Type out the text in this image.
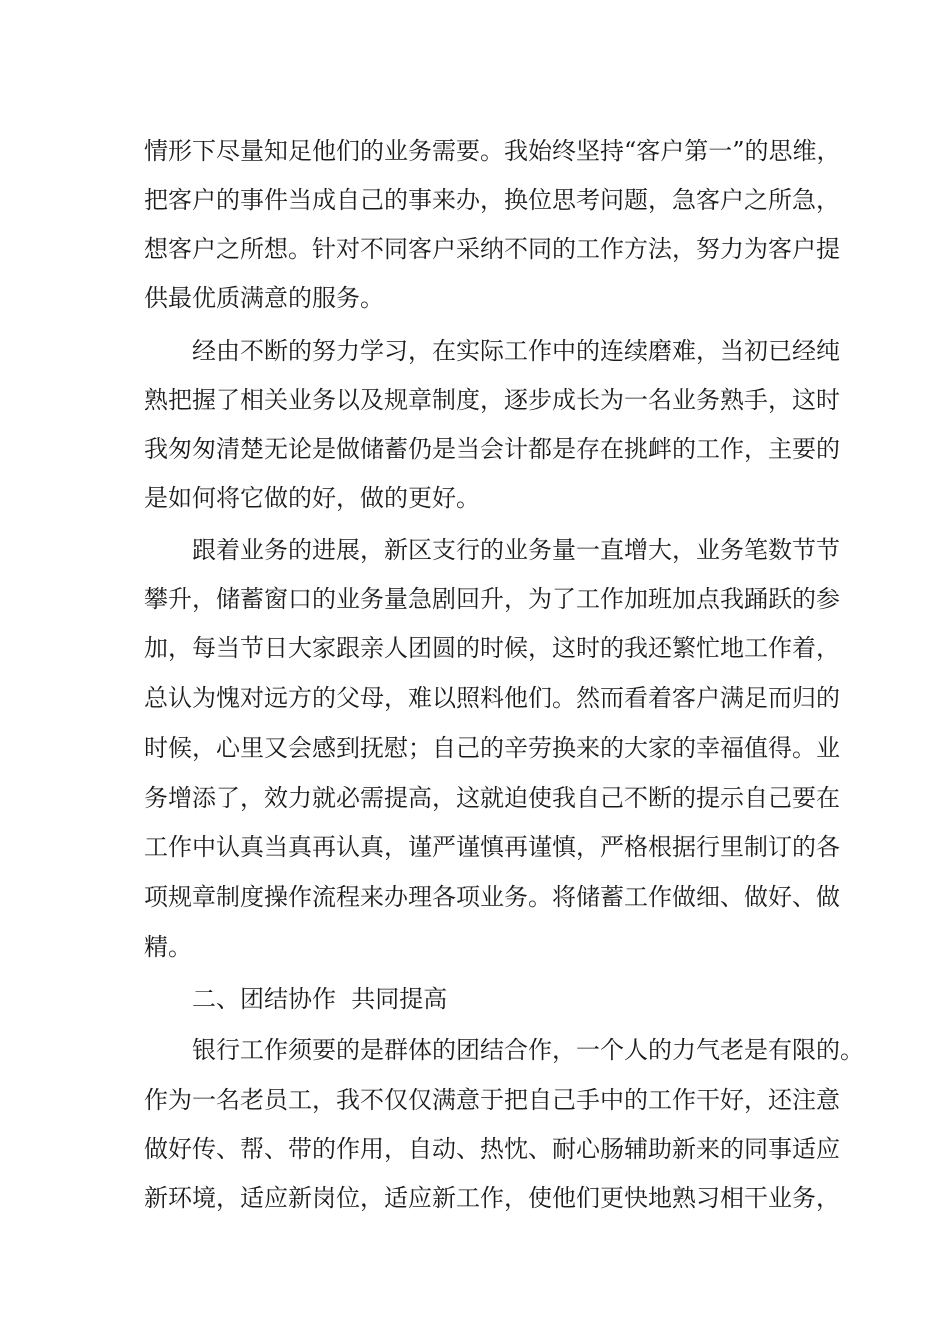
情形下尽量知足他们的业务需要。我始终坚持“客户第一”的思维，

把客户的事件当成自己的事来办，换位思考问题，急客户之所急，

想客户之所想。针对不同客户采纳不同的工作方法，努力为客户提

供最优质满意的服务。

经由不断的努力学习，在实际工作中的连续磨难，当初已经纯

熟把握了相关业务以及规章制度，逐步成长为一名业务熟手，这时

我匆匆清楚无论是做储蓄仍是当会计都是存在挑衅的工作，主要的

是如何将它做的好，做的更好。

跟着业务的进展，新区支行的业务量一直增大，业务笔数节节

攀升，储蓄窗口的业务量急剧回升，为了工作加班加点我踊跃的参

加，每当节日大家跟亲人团圆的时候，这时的我还繁忙地工作着，

总认为愧对远方的父母，难以照料他们。然而看着客户满足而归的

时候，心里又会感到抚慰；自己的辛劳换来的大家的幸福值得。业

务增添了，效力就必需提高，这就迫使我自己不断的提示自己要在

工作中认真当真再认真，谨严谨慎再谨慎，严格根据行里制订的各

项规章制度操作流程来办理各项业务。将储蓄工作做细、做好、做

精。

二、团结协作  共同提高

银行工作须要的是群体的团结合作，一个人的力气老是有限的。

作为一名老员工，我不仅仅满意于把自己手中的工作干好，还注意

做好传、帮、带的作用，自动、热忱、耐心肠辅助新来的同事适应

新环境，适应新岗位，适应新工作，使他们更快地熟习相干业务，
